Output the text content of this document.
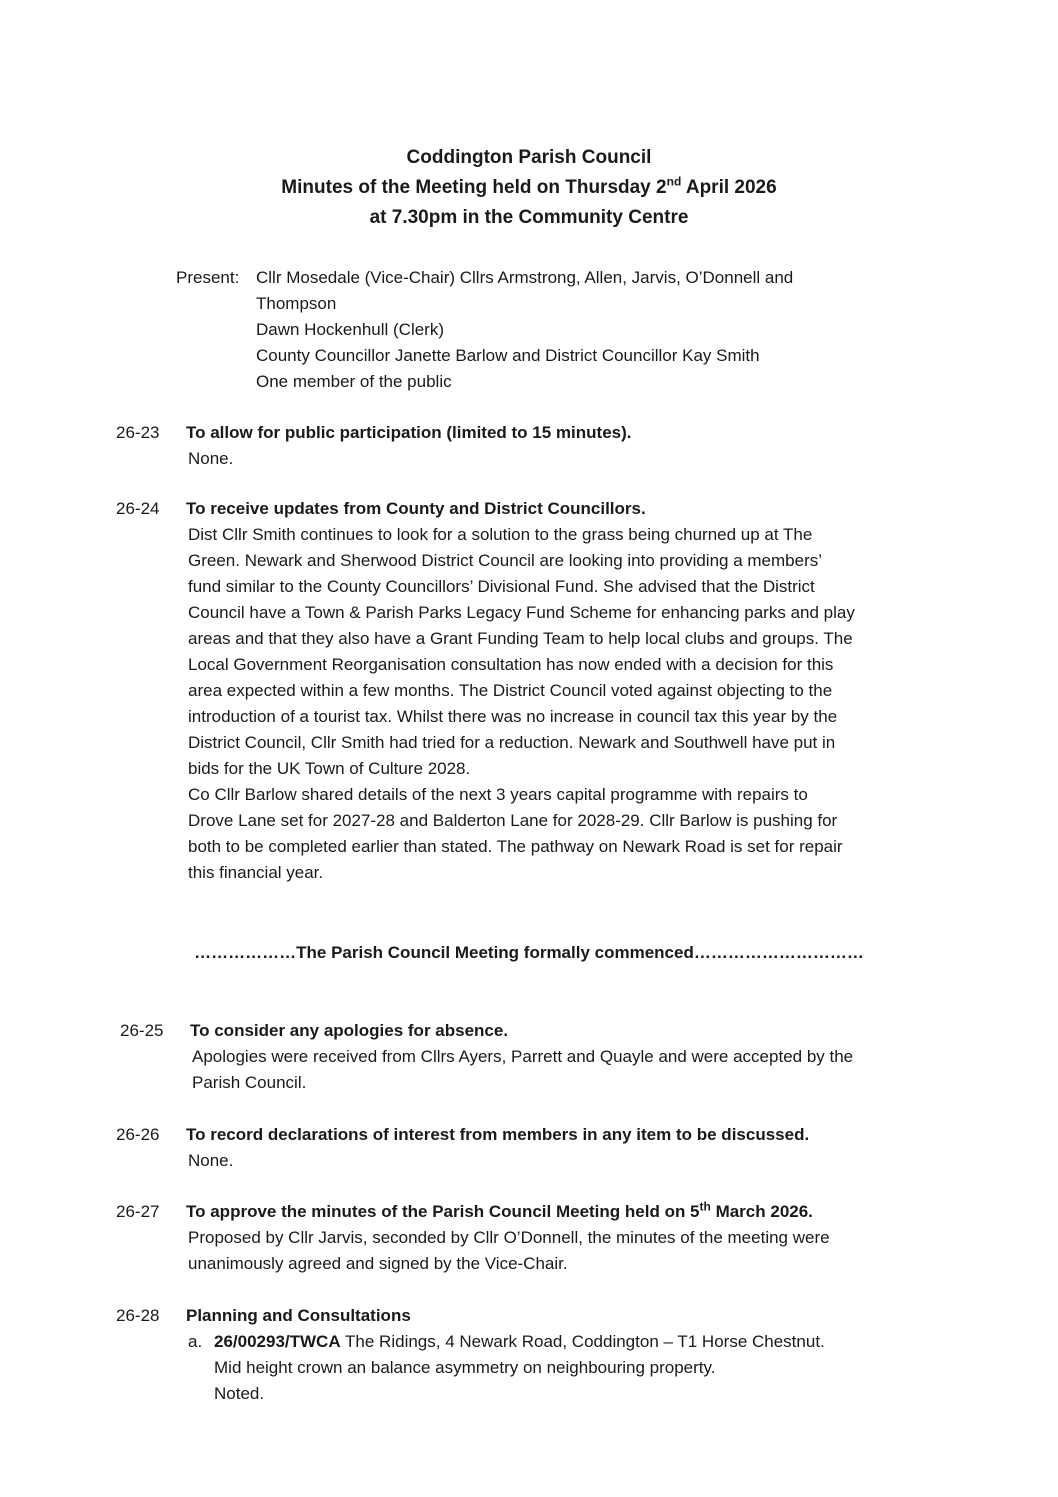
Coddington Parish Council
Minutes of the Meeting held on Thursday 2nd April 2026
at 7.30pm in the Community Centre
Present: Cllr Mosedale (Vice-Chair) Cllrs Armstrong, Allen, Jarvis, O’Donnell and
Thompson
Dawn Hockenhull (Clerk)
County Councillor Janette Barlow and District Councillor Kay Smith
One member of the public
26-23	To allow for public participation (limited to 15 minutes).
None.
26-24	To receive updates from County and District Councillors.

Dist Cllr Smith continues to look for a solution to the grass being churned up at The

Green. Newark and Sherwood District Council are looking into providing a members’

fund similar to the County Councillors’ Divisional Fund. She advised that the District

Council have a Town & Parish Parks Legacy Fund Scheme for enhancing parks and play

areas and that they also have a Grant Funding Team to help local clubs and groups. The

Local Government Reorganisation consultation has now ended with a decision for this

area expected within a few months. The District Council voted against objecting to the

introduction of a tourist tax. Whilst there was no increase in council tax this year by the

District Council, Cllr Smith had tried for a reduction. Newark and Southwell have put in

bids for the UK Town of Culture 2028.

Co Cllr Barlow shared details of the next 3 years capital programme with repairs to

Drove Lane set for 2027-28 and Balderton Lane for 2028-29. Cllr Barlow is pushing for

both to be completed earlier than stated. The pathway on Newark Road is set for repair

this financial year.

………………The Parish Council Meeting formally commenced…………………………
26-25	To consider any apologies for absence.
Apologies were received from Cllrs Ayers, Parrett and Quayle and were accepted by the
Parish Council.
26-26	To record declarations of interest from members in any item to be discussed.
None.
26-27	To approve the minutes of the Parish Council Meeting held on 5th March 2026.
Proposed by Cllr Jarvis, seconded by Cllr O’Donnell, the minutes of the meeting were
unanimously agreed and signed by the Vice-Chair.
26-28	Planning and Consultations
a. 26/00293/TWCA The Ridings, 4 Newark Road, Coddington – T1 Horse Chestnut.
Mid height crown an balance asymmetry on neighbouring property.
Noted.
